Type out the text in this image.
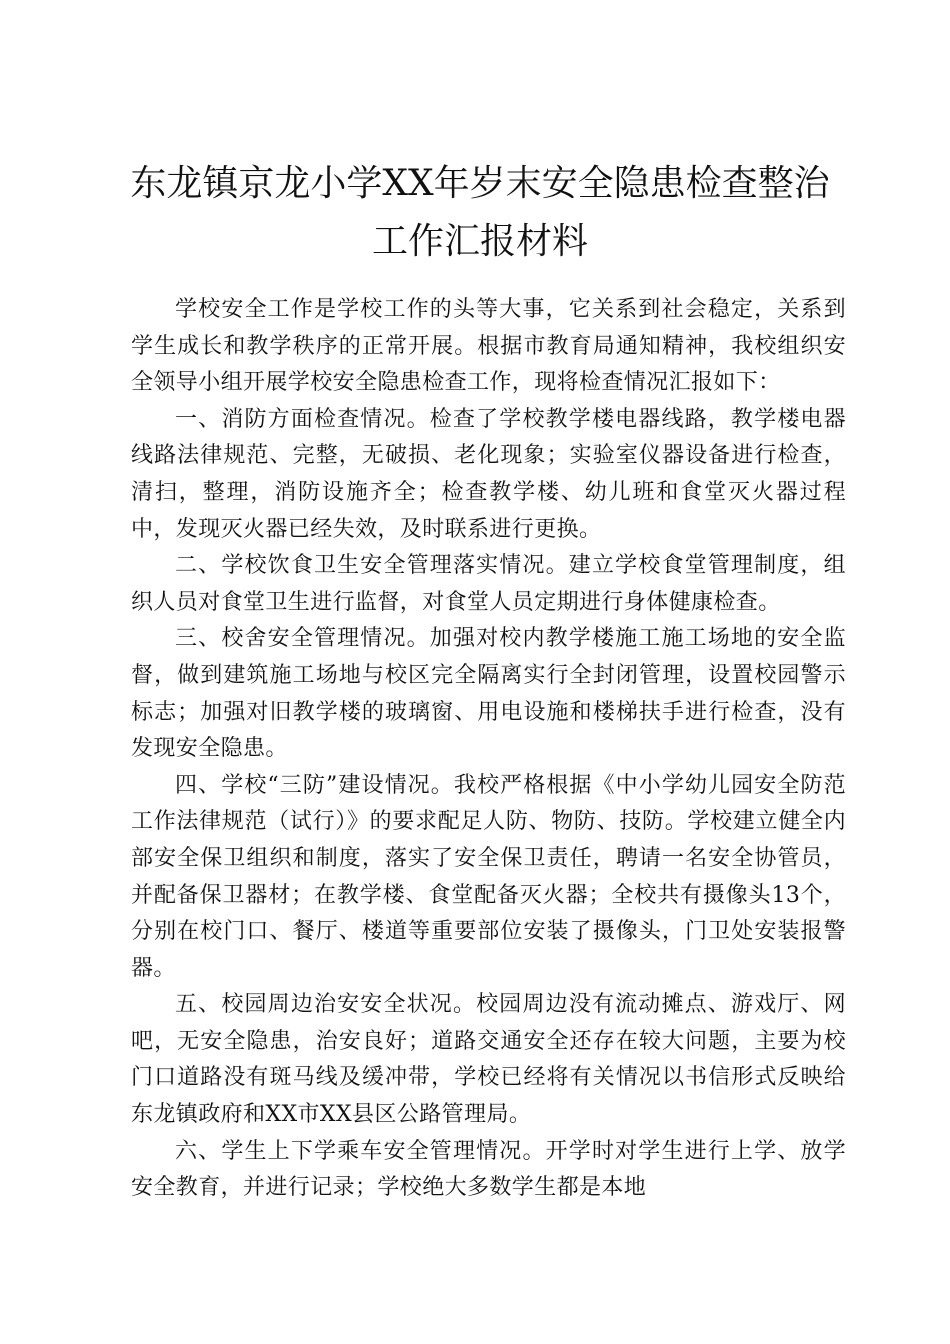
东龙镇京龙小学XX年岁末安全隐患检查整治
工作汇报材料

学校安全工作是学校工作的头等大事，它关系到社会稳定，关系到学生成长和教学秩序的正常开展。根据市教育局通知精神，我校组织安全领导小组开展学校安全隐患检查工作，现将检查情况汇报如下：

一、消防方面检查情况。检查了学校教学楼电器线路，教学楼电器线路法律规范、完整，无破损、老化现象；实验室仪器设备进行检查，清扫，整理，消防设施齐全；检查教学楼、幼儿班和食堂灭火器过程中，发现灭火器已经失效，及时联系进行更换。

二、学校饮食卫生安全管理落实情况。建立学校食堂管理制度，组织人员对食堂卫生进行监督，对食堂人员定期进行身体健康检查。

三、校舍安全管理情况。加强对校内教学楼施工施工场地的安全监督，做到建筑施工场地与校区完全隔离实行全封闭管理，设置校园警示标志；加强对旧教学楼的玻璃窗、用电设施和楼梯扶手进行检查，没有发现安全隐患。

四、学校“三防”建设情况。我校严格根据《中小学幼儿园安全防范工作法律规范（试行）》的要求配足人防、物防、技防。学校建立健全内部安全保卫组织和制度，落实了安全保卫责任，聘请一名安全协管员，并配备保卫器材；在教学楼、食堂配备灭火器；全校共有摄像头13个，分别在校门口、餐厅、楼道等重要部位安装了摄像头，门卫处安装报警器。

五、校园周边治安安全状况。校园周边没有流动摊点、游戏厅、网吧，无安全隐患，治安良好；道路交通安全还存在较大问题，主要为校门口道路没有斑马线及缓冲带，学校已经将有关情况以书信形式反映给东龙镇政府和XX市XX县区公路管理局。

六、学生上下学乘车安全管理情况。开学时对学生进行上学、放学安全教育，并进行记录；学校绝大多数学生都是本地
